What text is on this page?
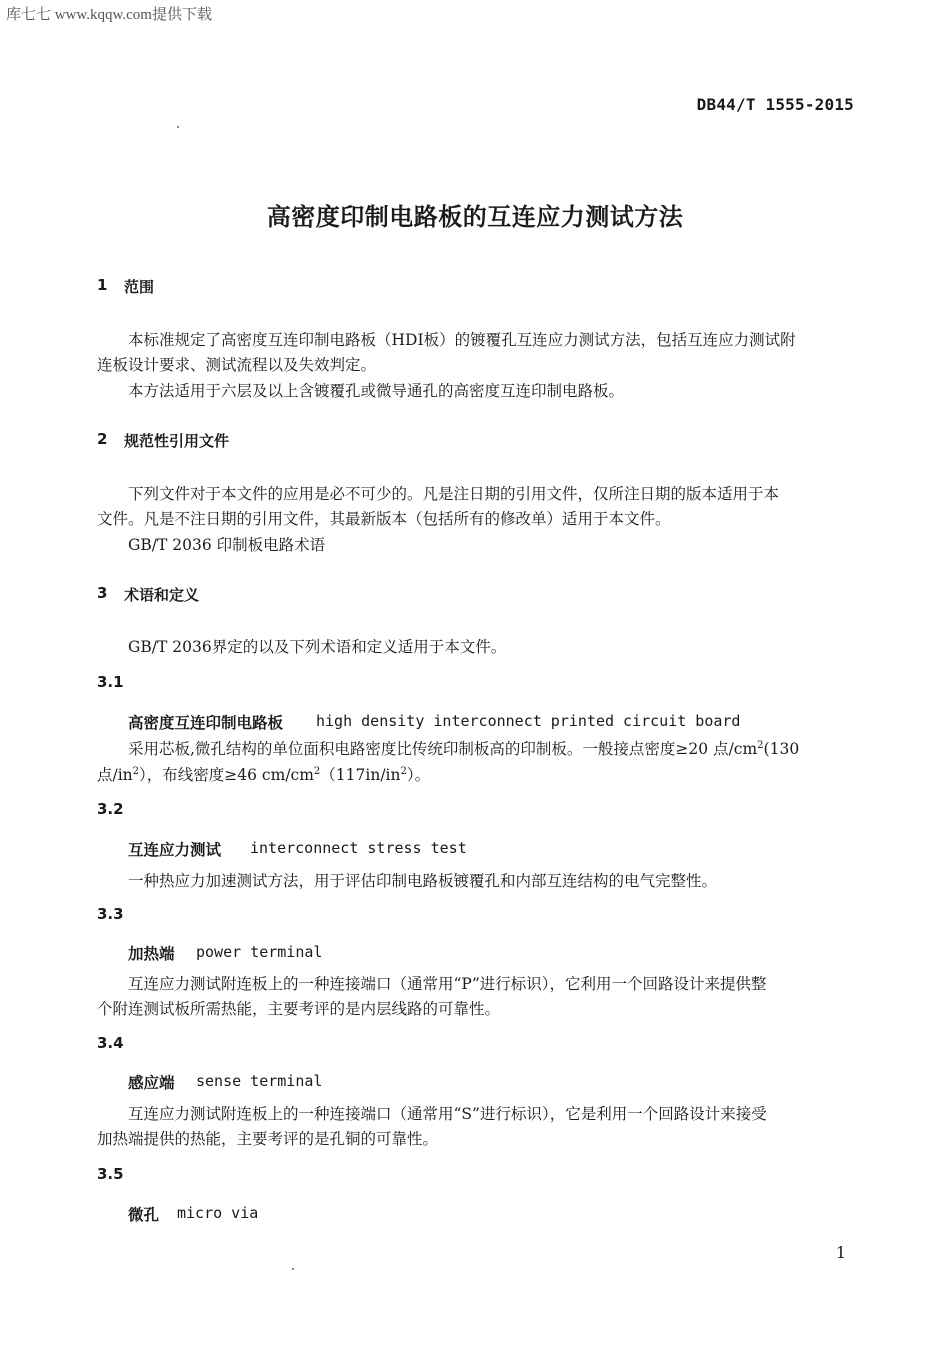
库七七 www.kqqw.com提供下载
DB44/T 1555-2015
高密度印制电路板的互连应力测试方法
1 范围
本标准规定了高密度互连印制电路板（HDI板）的镀覆孔互连应力测试方法，包括互连应力测试附
连板设计要求、测试流程以及失效判定。
本方法适用于六层及以上含镀覆孔或微导通孔的高密度互连印制电路板。
2 规范性引用文件
下列文件对于本文件的应用是必不可少的。凡是注日期的引用文件，仅所注日期的版本适用于本
文件。凡是不注日期的引用文件，其最新版本（包括所有的修改单）适用于本文件。
GB/T 2036 印制板电路术语
3 术语和定义
GB/T 2036界定的以及下列术语和定义适用于本文件。
3.1
高密度互连印制电路板 high density interconnect printed circuit board
采用芯板,微孔结构的单位面积电路密度比传统印制板高的印制板。一般接点密度≥20 点$/cm^2(130$
点$/in^2$），布线密度≥46 $cm/cm^2(117in/in^2)$。
3.2
互连应力测试 interconnect stress test
一种热应力加速测试方法，用于评估印制电路板镀覆孔和内部互连结构的电气完整性。
3.3
加热端 power terminal
互连应力测试附连板上的一种连接端口（通常用“P”进行标识），它利用一个回路设计来提供整
个附连测试板所需热能，主要考评的是内层线路的可靠性。
3.4
感应端 sense terminal
互连应力测试附连板上的一种连接端口（通常用“S”进行标识），它是利用一个回路设计来接受
加热端提供的热能，主要考评的是孔铜的可靠性。
3.5
微孔 micro via
1
